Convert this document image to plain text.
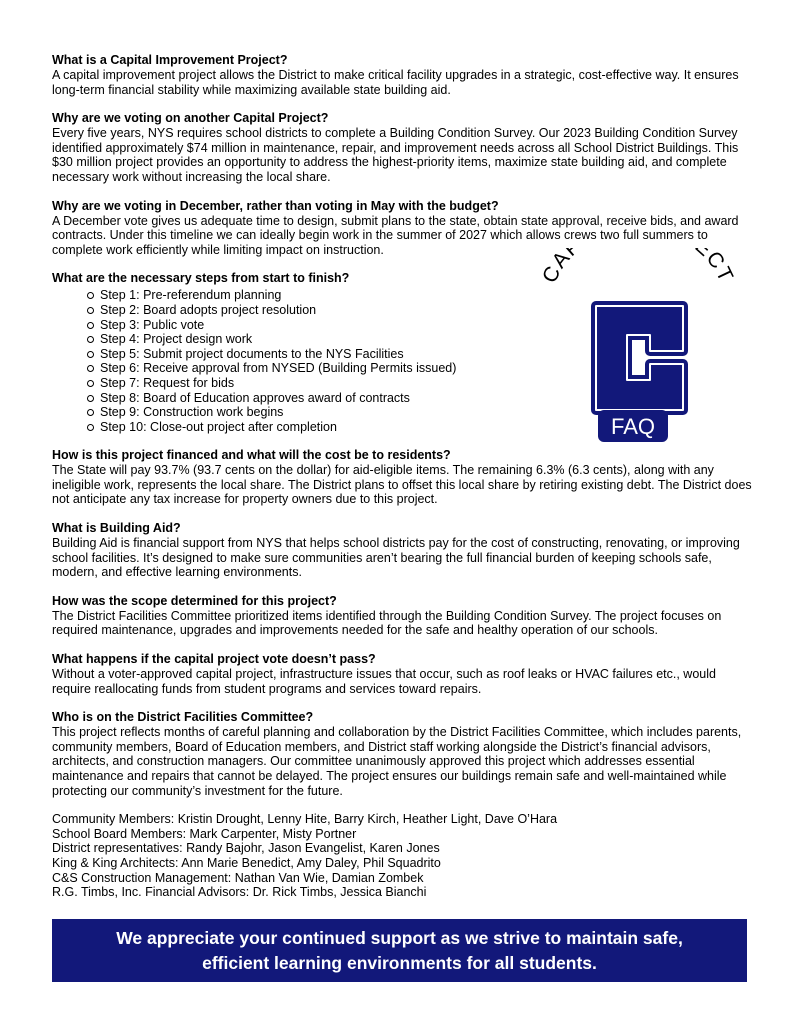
What is a Capital Improvement Project?

A capital improvement project allows the District to make critical facility upgrades in a strategic, cost-effective way. It ensures long-term financial stability while maximizing available state building aid.

Why are we voting on another Capital Project?

Every five years, NYS requires school districts to complete a Building Condition Survey. Our 2023 Building Condition Survey identified approximately $74 million in maintenance, repair, and improvement needs across all School District Buildings. This $30 million project provides an opportunity to address the highest-priority items, maximize state building aid, and complete necessary work without increasing the local share.

Why are we voting in December, rather than voting in May with the budget?

A December vote gives us adequate time to design, submit plans to the state, obtain state approval, receive bids, and award contracts. Under this timeline we can ideally begin work in the summer of 2027 which allows crews two full summers to complete work efficiently while limiting impact on instruction.

What are the necessary steps from start to finish?

Step 1: Pre-referendum planning
Step 2: Board adopts project resolution
Step 3: Public vote
Step 4: Project design work
Step 5: Submit project documents to the NYS Facilities
Step 6: Receive approval from NYSED (Building Permits issued)
Step 7: Request for bids
Step 8: Board of Education approves award of contracts
Step 9: Construction work begins
Step 10: Close-out project after completion

How is this project financed and what will the cost be to residents?

The State will pay 93.7% (93.7 cents on the dollar) for aid-eligible items. The remaining 6.3% (6.3 cents), along with any ineligible work, represents the local share. The District plans to offset this local share by retiring existing debt. The District does not anticipate any tax increase for property owners due to this project.

What is Building Aid?

Building Aid is financial support from NYS that helps school districts pay for the cost of constructing, renovating, or improving school facilities. It’s designed to make sure communities aren’t bearing the full financial burden of keeping schools safe, modern, and effective learning environments.

How was the scope determined for this project?

The District Facilities Committee prioritized items identified through the Building Condition Survey. The project focuses on required maintenance, upgrades and improvements needed for the safe and healthy operation of our schools.

What happens if the capital project vote doesn’t pass?

Without a voter-approved capital project, infrastructure issues that occur, such as roof leaks or HVAC failures etc., would require reallocating funds from student programs and services toward repairs.

Who is on the District Facilities Committee?

This project reflects months of careful planning and collaboration by the District Facilities Committee, which includes parents, community members, Board of Education members, and District staff working alongside the District’s financial advisors, architects, and construction managers. Our committee unanimously approved this project which addresses essential maintenance and repairs that cannot be delayed. The project ensures our buildings remain safe and well-maintained while protecting our community’s investment for the future.

Community Members: Kristin Drought, Lenny Hite, Barry Kirch, Heather Light, Dave O’Hara

School Board Members: Mark Carpenter, Misty Portner

District representatives: Randy Bajohr, Jason Evangelist, Karen Jones

King & King Architects: Ann Marie Benedict, Amy Daley, Phil Squadrito

C&S Construction Management: Nathan Van Wie, Damian Zombek

R.G. Timbs, Inc. Financial Advisors: Dr. Rick Timbs, Jessica Bianchi

CA ECT
FAQ
We appreciate your continued support as we strive to maintain safe,
efficient learning environments for all students.
